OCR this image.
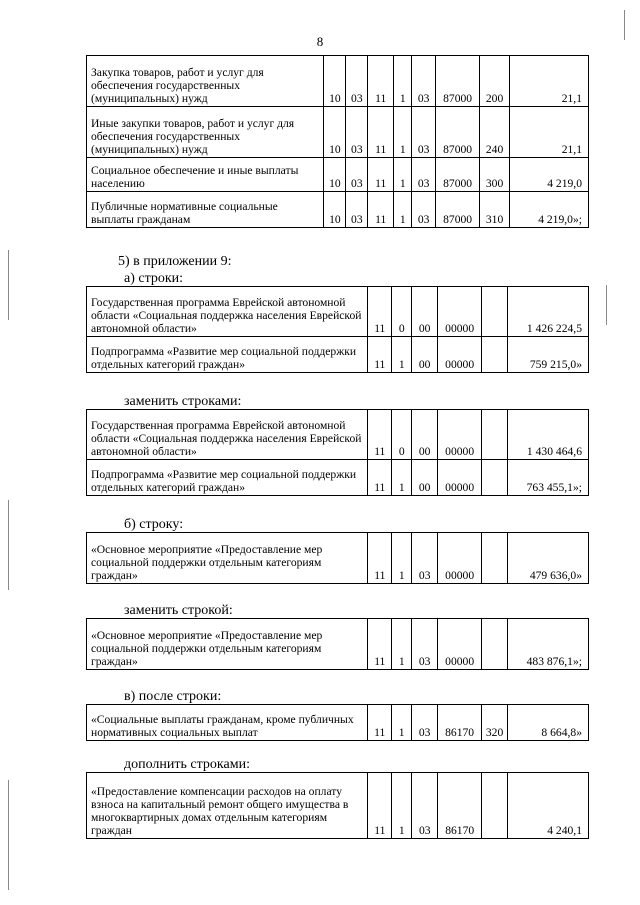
8
Закупка товаров, работ и услуг для обеспечения государственных (муниципальных) нужд	10	03	11	1	03	87000	200	21,1
Иные закупки товаров, работ и услуг для обеспечения государственных (муниципальных) нужд	10	03	11	1	03	87000	240	21,1
Социальное обеспечение и иные выплаты населению	10	03	11	1	03	87000	300	4 219,0
Публичные нормативные социальные выплаты гражданам	10	03	11	1	03	87000	310	4 219,0»;
5) в приложении 9:
а) строки:
Государственная программа Еврейской автономной области «Социальная поддержка населения Еврейской автономной области»	11	0	00	00000		1 426 224,5
Подпрограмма «Развитие мер социальной поддержки отдельных категорий граждан»	11	1	00	00000		759 215,0»
заменить строками:
Государственная программа Еврейской автономной области «Социальная поддержка населения Еврейской автономной области»	11	0	00	00000		1 430 464,6
Подпрограмма «Развитие мер социальной поддержки отдельных категорий граждан»	11	1	00	00000		763 455,1»;
б) строку:
«Основное мероприятие «Предоставление мер социальной поддержки отдельным категориям граждан»	11	1	03	00000		479 636,0»
заменить строкой:
«Основное мероприятие «Предоставление мер социальной поддержки отдельным категориям граждан»	11	1	03	00000		483 876,1»;
в) после строки:
«Социальные выплаты гражданам, кроме публичных нормативных социальных выплат	11	1	03	86170	320	8 664,8»
дополнить строками:
«Предоставление компенсации расходов на оплату взноса на капитальный ремонт общего имущества в многоквартирных домах отдельным категориям граждан	11	1	03	86170		4 240,1
